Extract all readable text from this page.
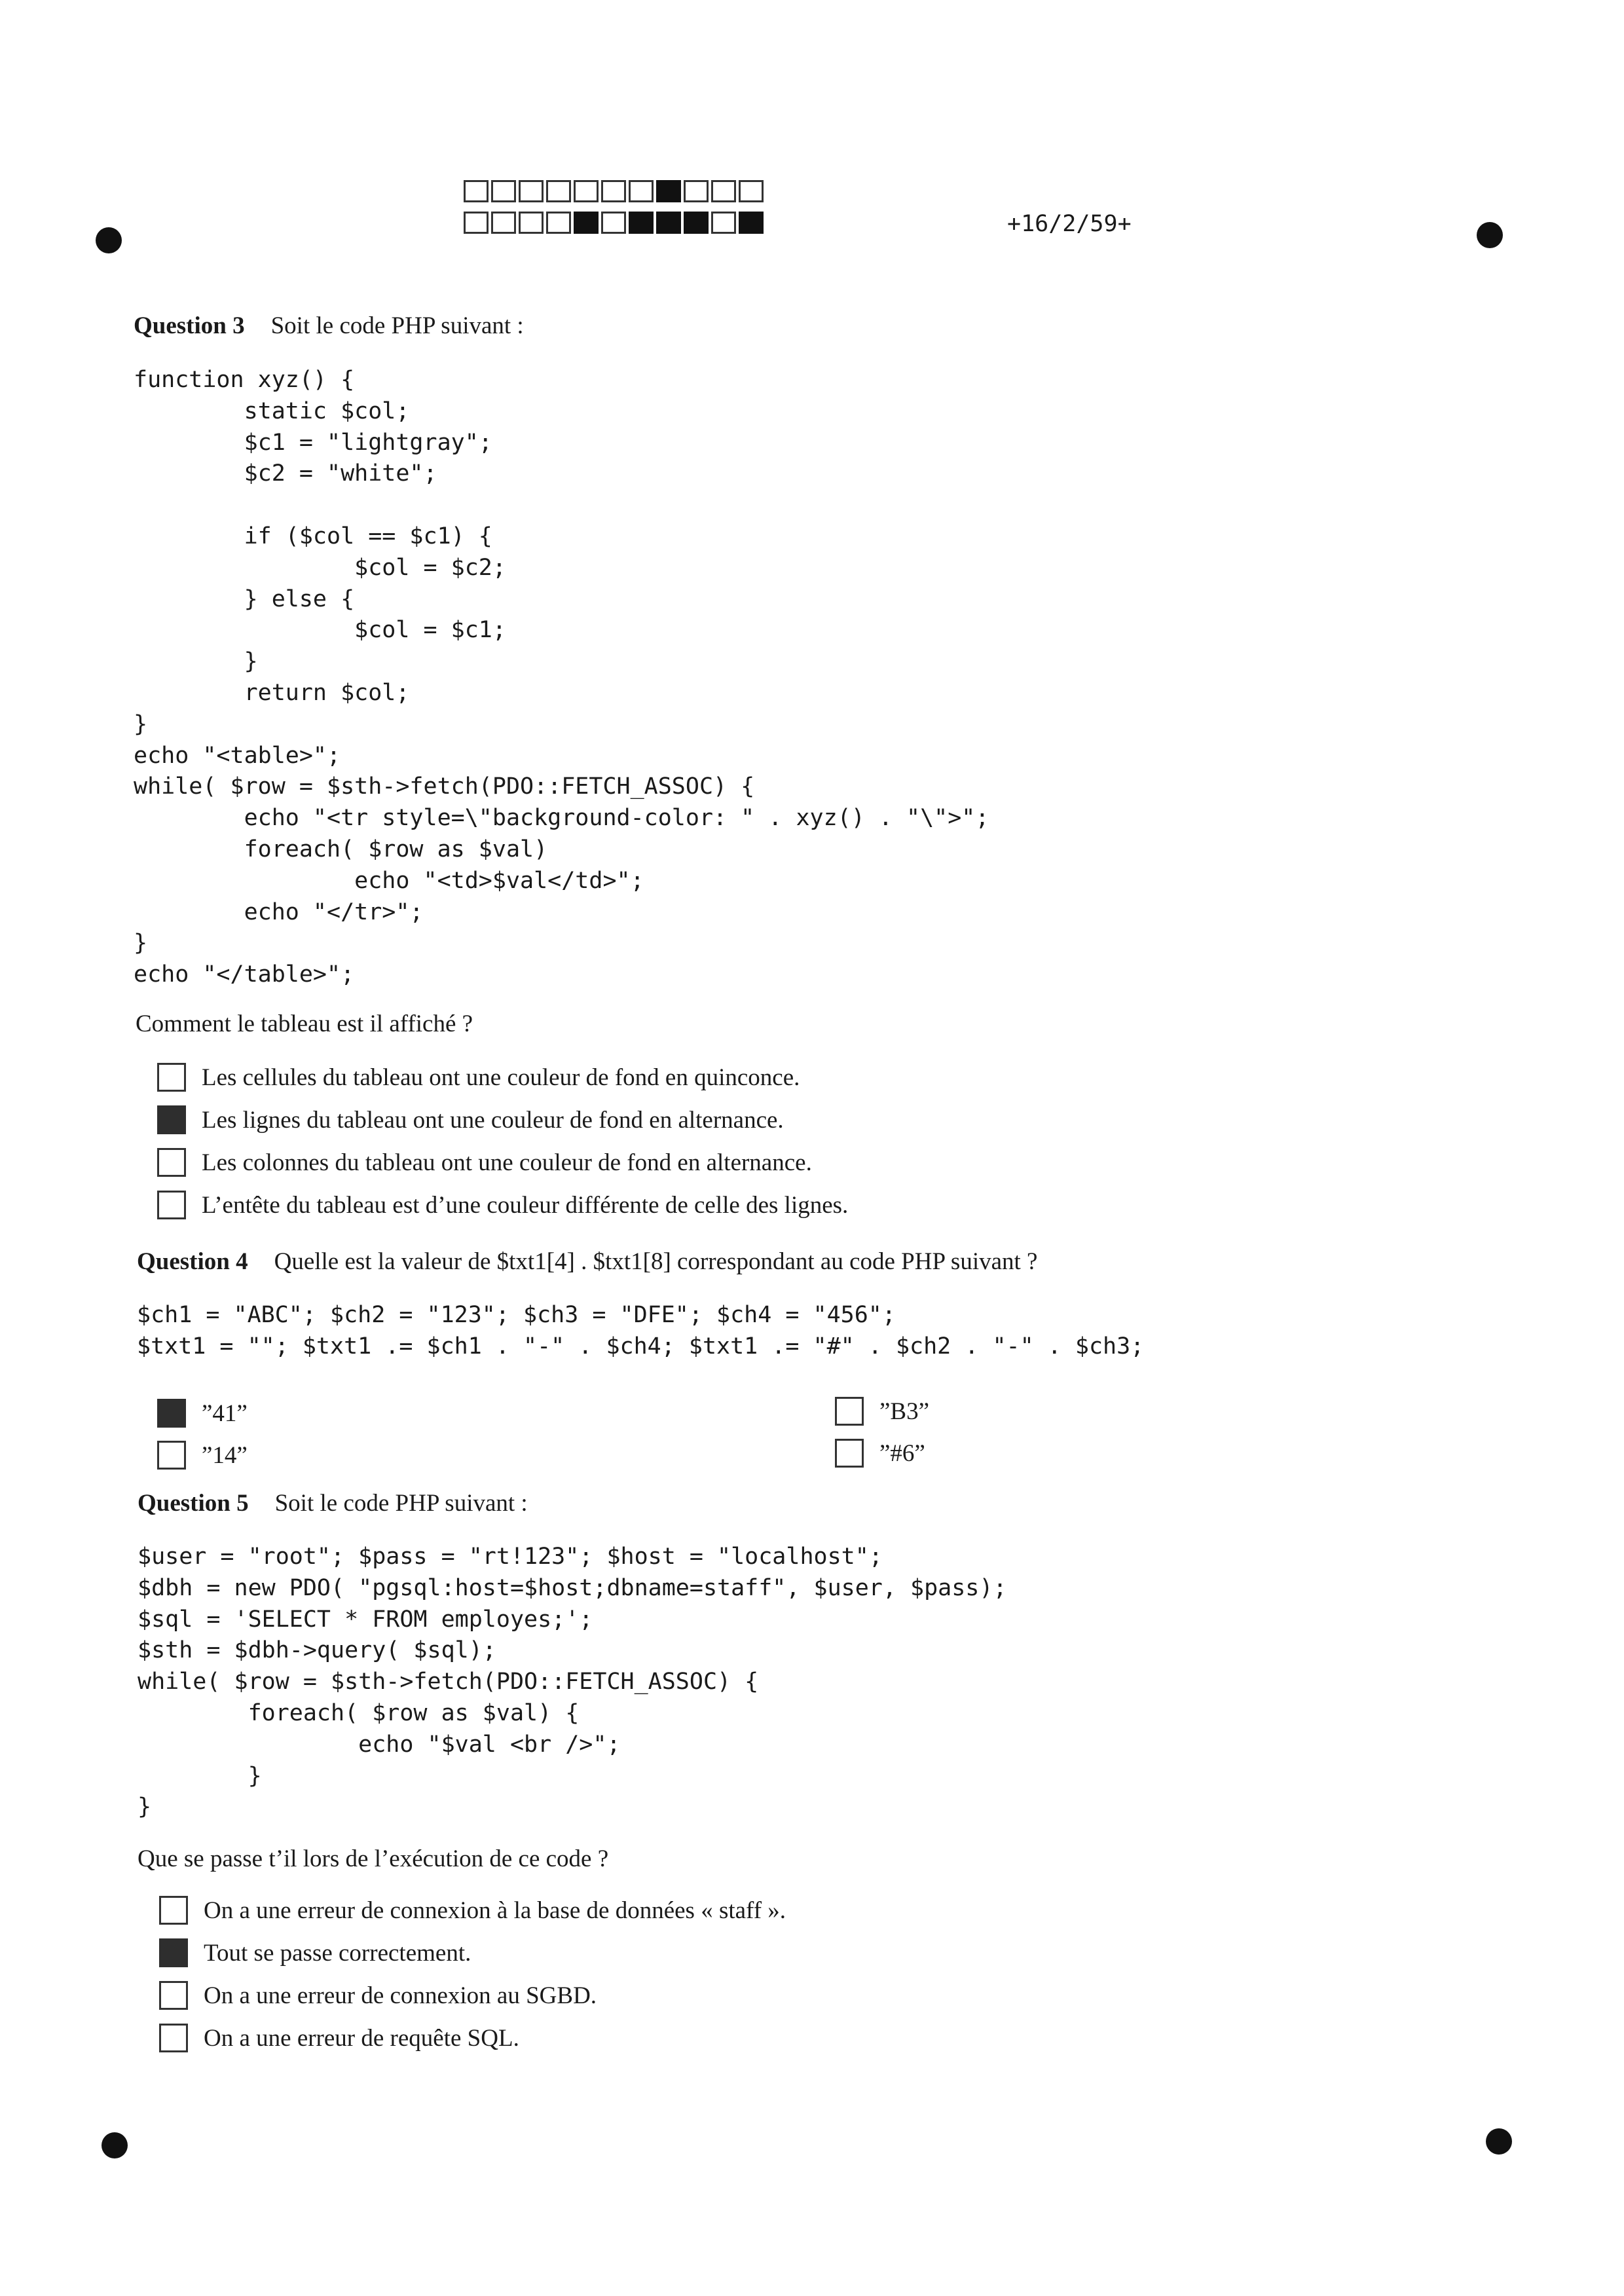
+16/2/59+
Question 3 Soit le code PHP suivant :
function xyz() {
static $col;
$c1 = "lightgray";
$c2 = "white";

if ($col == $c1) {
$col = $c2;
} else {
$col = $c1;
}
return $col;
}
echo "<table>";
while( $row = $sth->fetch(PDO::FETCH_ASSOC) {
echo "<tr style=\"background-color: " . xyz() . "\">";
foreach( $row as $val)
echo "<td>$val</td>";
echo "</tr>";
}
echo "</table>";
Comment le tableau est il affiché ?
Les cellules du tableau ont une couleur de fond en quinconce.
Les lignes du tableau ont une couleur de fond en alternance.
Les colonnes du tableau ont une couleur de fond en alternance.
L’entête du tableau est d’une couleur différente de celle des lignes.
Question 4 Quelle est la valeur de $txt1[4] . $txt1[8] correspondant au code PHP suivant ?
$ch1 = "ABC"; $ch2 = "123"; $ch3 = "DFE"; $ch4 = "456";
$txt1 = ""; $txt1 .= $ch1 . "-" . $ch4; $txt1 .= "#" . $ch2 . "-" . $ch3;
”41”
”14”
”B3”
”#6”
Question 5 Soit le code PHP suivant :
$user = "root"; $pass = "rt!123"; $host = "localhost";
$dbh = new PDO( "pgsql:host=$host;dbname=staff", $user, $pass);
$sql = 'SELECT * FROM employes;';
$sth = $dbh->query( $sql);
while( $row = $sth->fetch(PDO::FETCH_ASSOC) {
foreach( $row as $val) {
echo "$val <br />";
}
}
Que se passe t’il lors de l’exécution de ce code ?
On a une erreur de connexion à la base de données « staff ».
Tout se passe correctement.
On a une erreur de connexion au SGBD.
On a une erreur de requête SQL.
